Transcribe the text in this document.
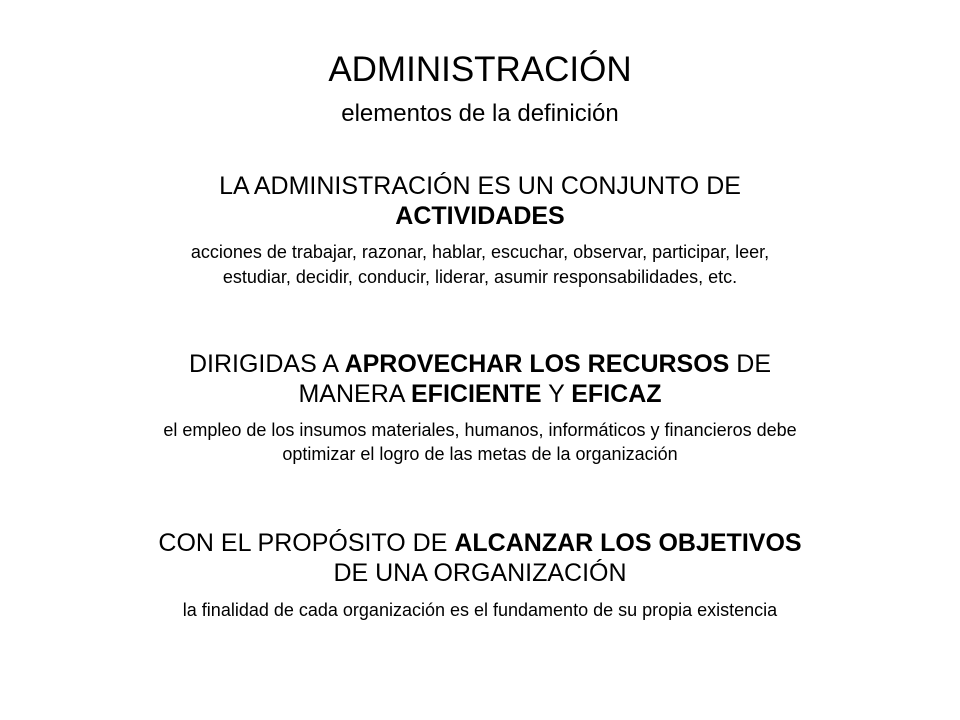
ADMINISTRACIÓN
elementos de la definición
LA ADMINISTRACIÓN ES UN CONJUNTO DE
ACTIVIDADES
acciones de trabajar, razonar, hablar, escuchar, observar, participar, leer,
estudiar, decidir, conducir, liderar, asumir responsabilidades, etc.
DIRIGIDAS A APROVECHAR LOS RECURSOS DE
MANERA EFICIENTE Y EFICAZ
el empleo de los insumos materiales, humanos, informáticos y financieros debe
optimizar el logro de las metas de la organización
CON EL PROPÓSITO DE ALCANZAR LOS OBJETIVOS
DE UNA ORGANIZACIÓN
la finalidad de cada organización es el fundamento de su propia existencia
